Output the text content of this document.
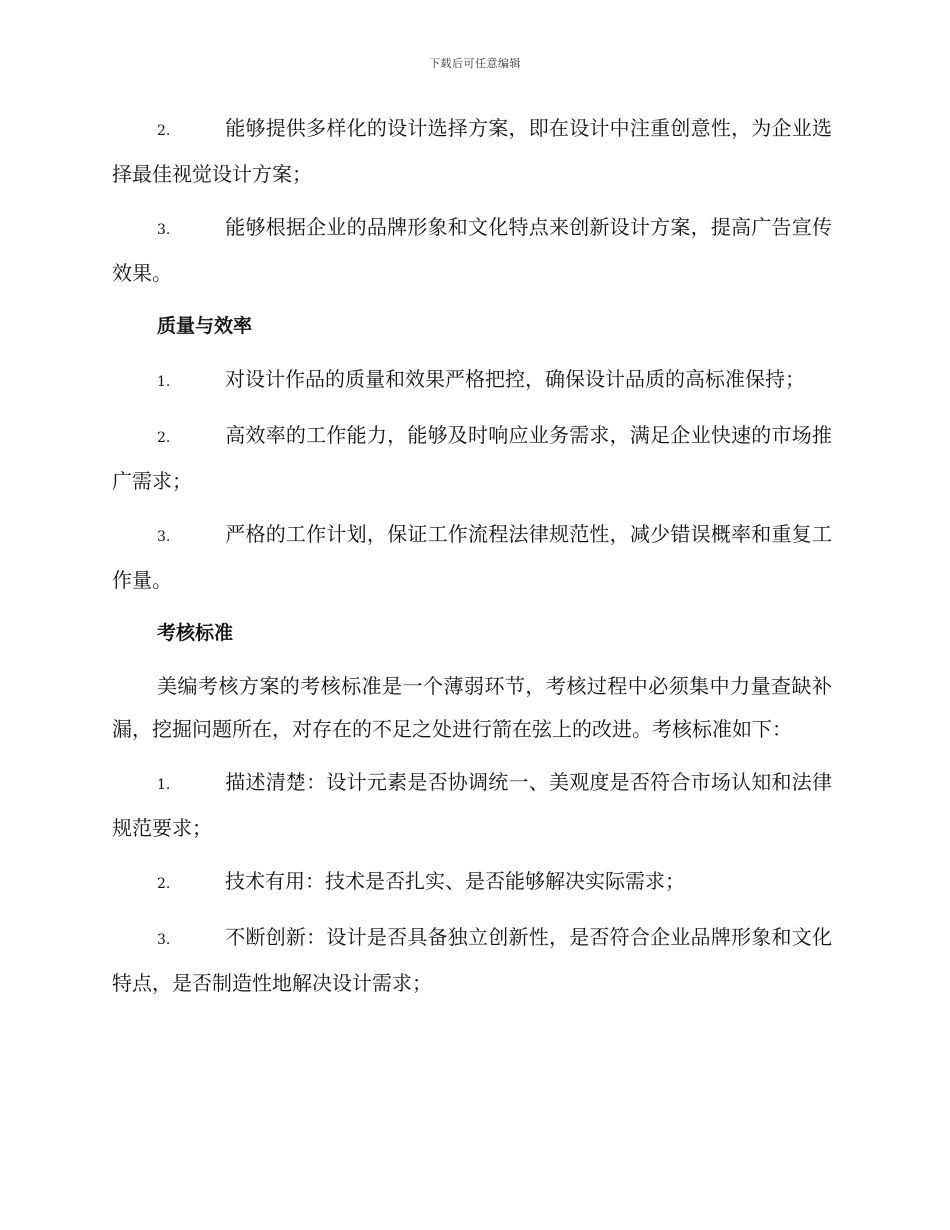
下载后可任意编辑

2.	能够提供多样化的设计选择方案，即在设计中注重创意性，为企业选择最佳视觉设计方案；

3.	能够根据企业的品牌形象和文化特点来创新设计方案，提高广告宣传效果。

质量与效率

1.	对设计作品的质量和效果严格把控，确保设计品质的高标准保持；

2.	高效率的工作能力，能够及时响应业务需求，满足企业快速的市场推广需求；

3.	严格的工作计划，保证工作流程法律规范性，减少错误概率和重复工作量。

考核标准

美编考核方案的考核标准是一个薄弱环节，考核过程中必须集中力量查缺补漏，挖掘问题所在，对存在的不足之处进行箭在弦上的改进。考核标准如下：

1.	描述清楚：设计元素是否协调统一、美观度是否符合市场认知和法律规范要求；

2.	技术有用：技术是否扎实、是否能够解决实际需求；

3.	不断创新：设计是否具备独立创新性，是否符合企业品牌形象和文化特点，是否制造性地解决设计需求；
